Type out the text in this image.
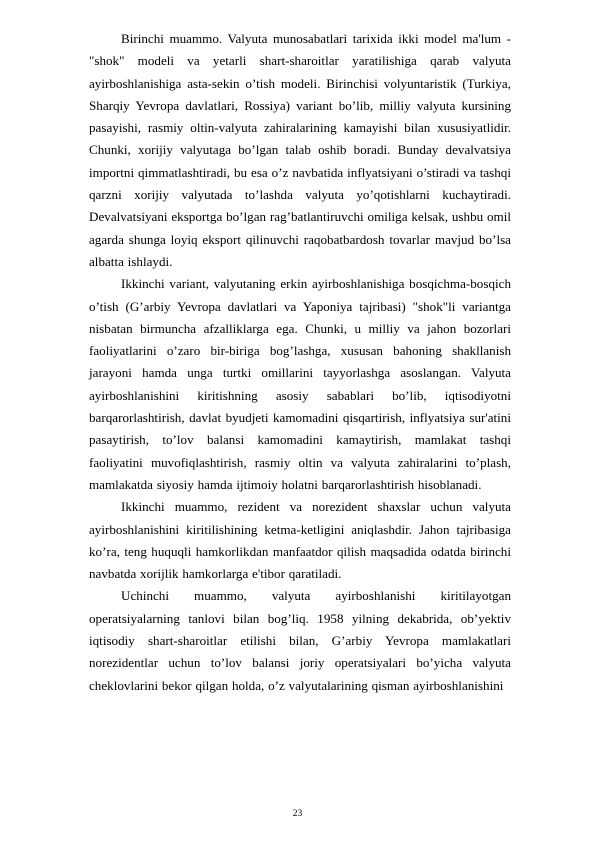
Birinchi muammo. Valyuta munosabatlari tarixida ikki model ma'lum - "shok" modeli va yetarli shart-sharoitlar yaratilishiga qarab valyuta ayirboshlanishiga asta-sekin o’tish modeli. Birinchisi volyuntaristik (Turkiya, Sharqiy Yevropa davlatlari, Rossiya) variant bo’lib, milliy valyuta kursining pasayishi, rasmiy oltin-valyuta zahiralarining kamayishi bilan xususiyatlidir. Chunki, xorijiy valyutaga bo’lgan talab oshib boradi. Bunday devalvatsiya importni qimmatlashtiradi, bu esa o’z navbatida inflyatsiyani o’stiradi va tashqi qarzni xorijiy valyutada to’lashda valyuta yo’qotishlarni kuchaytiradi. Devalvatsiyani eksportga bo’lgan rag’batlantiruvchi omiliga kelsak, ushbu omil agarda shunga loyiq eksport qilinuvchi raqobatbardosh tovarlar mavjud bo’lsa albatta ishlaydi.

Ikkinchi variant, valyutaning erkin ayirboshlanishiga bosqichma-bosqich o’tish (G’arbiy Yevropa davlatlari va Yaponiya tajribasi) "shok"li variantga nisbatan birmuncha afzalliklarga ega. Chunki, u milliy va jahon bozorlari faoliyatlarini o’zaro bir-biriga bog’lashga, xususan bahoning shakllanish jarayoni hamda unga turtki omillarini tayyorlashga asoslangan. Valyuta ayirboshlanishini kiritishning asosiy sabablari bo’lib, iqtisodiyotni barqarorlashtirish, davlat byudjeti kamomadini qisqartirish, inflyatsiya sur'atini pasaytirish, to’lov balansi kamomadini kamaytirish, mamlakat tashqi faoliyatini muvofiqlashtirish, rasmiy oltin va valyuta zahiralarini to’plash, mamlakatda siyosiy hamda ijtimoiy holatni barqarorlashtirish hisoblanadi.

Ikkinchi muammo, rezident va norezident shaxslar uchun valyuta ayirboshlanishini kiritilishining ketma-ketligini aniqlashdir. Jahon tajribasiga ko’ra, teng huquqli hamkorlikdan manfaatdor qilish maqsadida odatda birinchi navbatda xorijlik hamkorlarga e'tibor qaratiladi.

Uchinchi muammo, valyuta ayirboshlanishi kiritilayotgan operatsiyalarning tanlovi bilan bog’liq. 1958 yilning dekabrida, ob’yektiv iqtisodiy shart-sharoitlar etilishi bilan, G’arbiy Yevropa mamlakatlari norezidentlar uchun to’lov balansi joriy operatsiyalari bo’yicha valyuta cheklovlarini bekor qilgan holda, o’z valyutalarining qisman ayirboshlanishini

23
